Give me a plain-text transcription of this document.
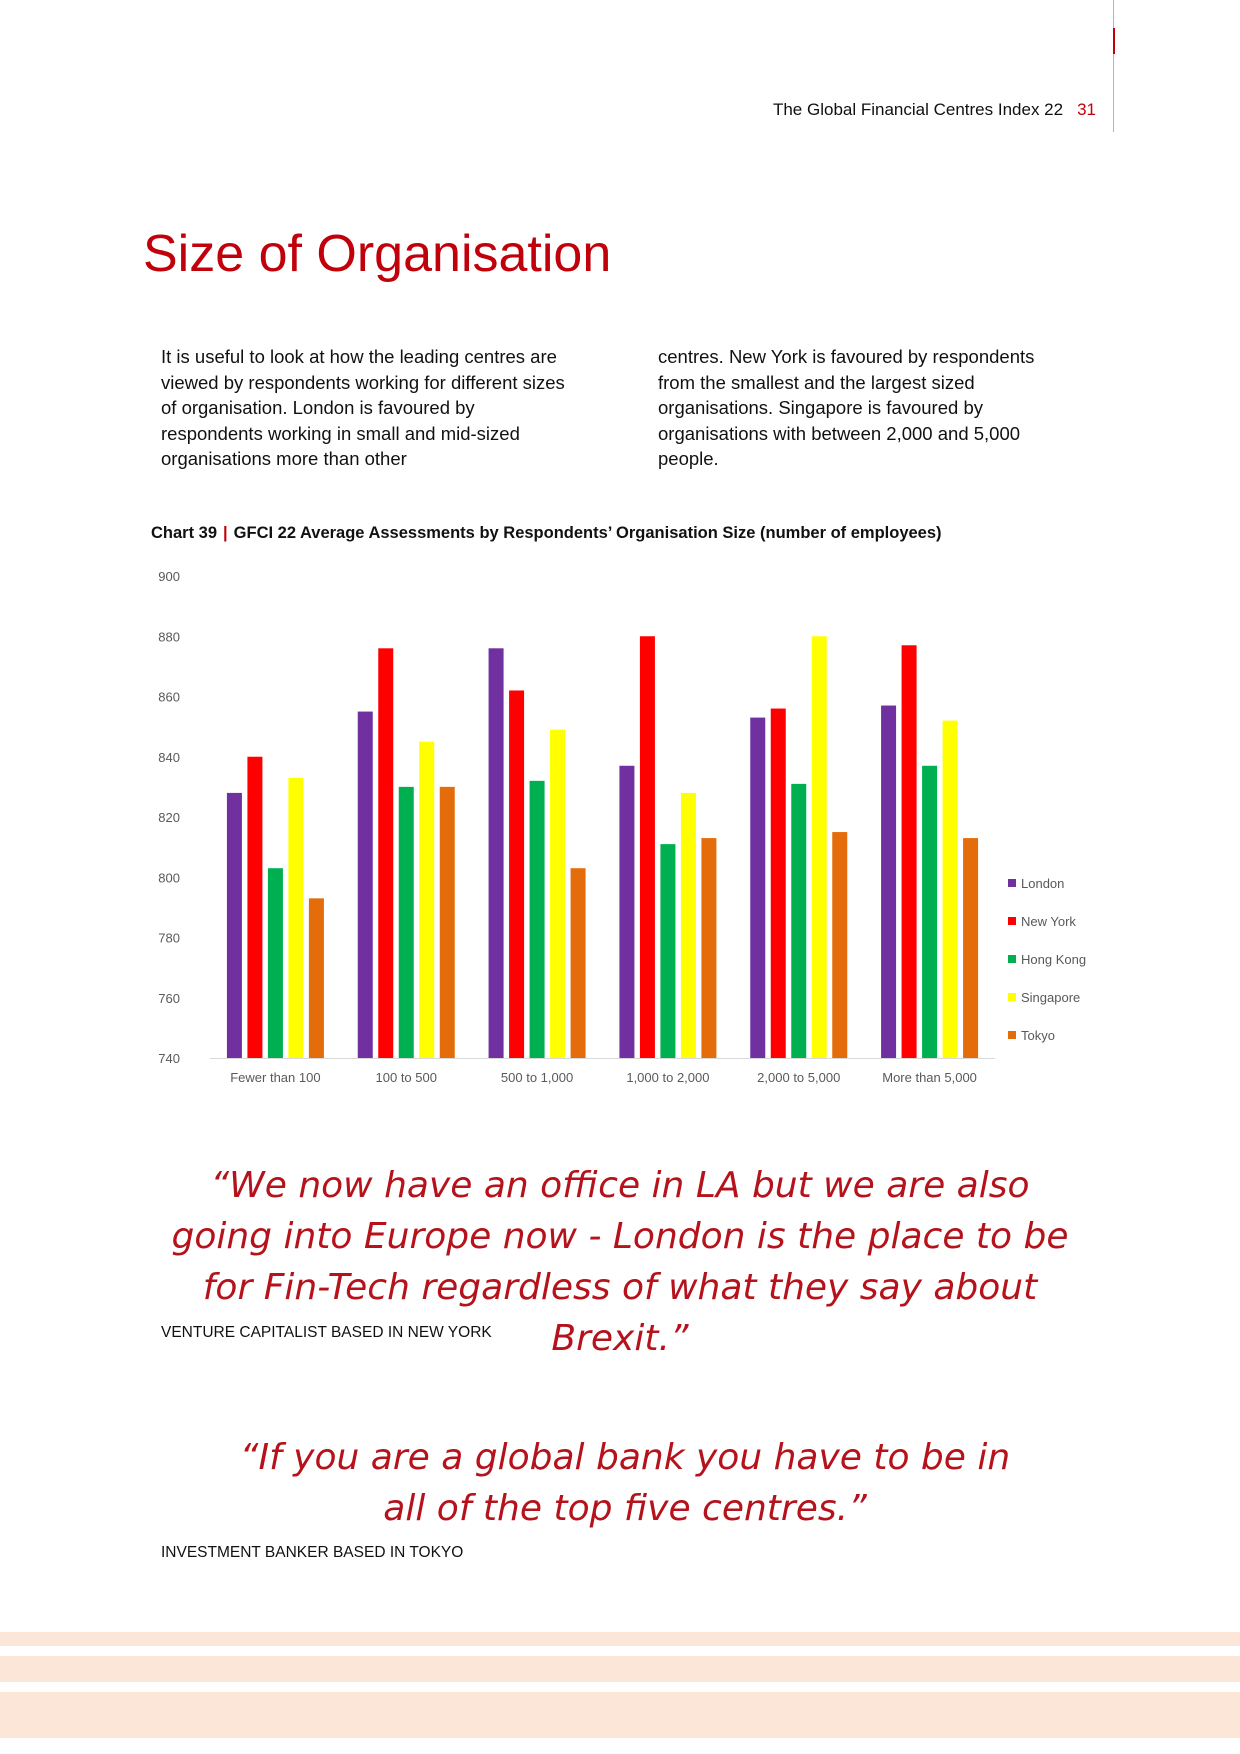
The Global Financial Centres Index 22 31
Size of Organisation

It is useful to look at how the leading centres are viewed by respondents working for different sizes of organisation. London is favoured by respondents working in small and mid-sized organisations more than other

centres. New York is favoured by respondents from the smallest and the largest sized organisations. Singapore is favoured by organisations with between 2,000 and 5,000 people.

Chart 39 | GFCI 22 Average Assessments by Respondents’ Organisation Size (number of employees)
900
880
860
840
820
800
780
760
740
Fewer than 100	100 to 500	500 to 1,000	1,000 to 2,000	2,000 to 5,000	More than 5,000
London
New York
Hong Kong
Singapore
Tokyo

“We now have an office in LA but we are also going into Europe now - London is the place to be for Fin-Tech regardless of what they say about Brexit.”

VENTURE CAPITALIST BASED IN NEW YORK

“If you are a global bank you have to be in all of the top five centres.”

INVESTMENT BANKER BASED IN TOKYO
